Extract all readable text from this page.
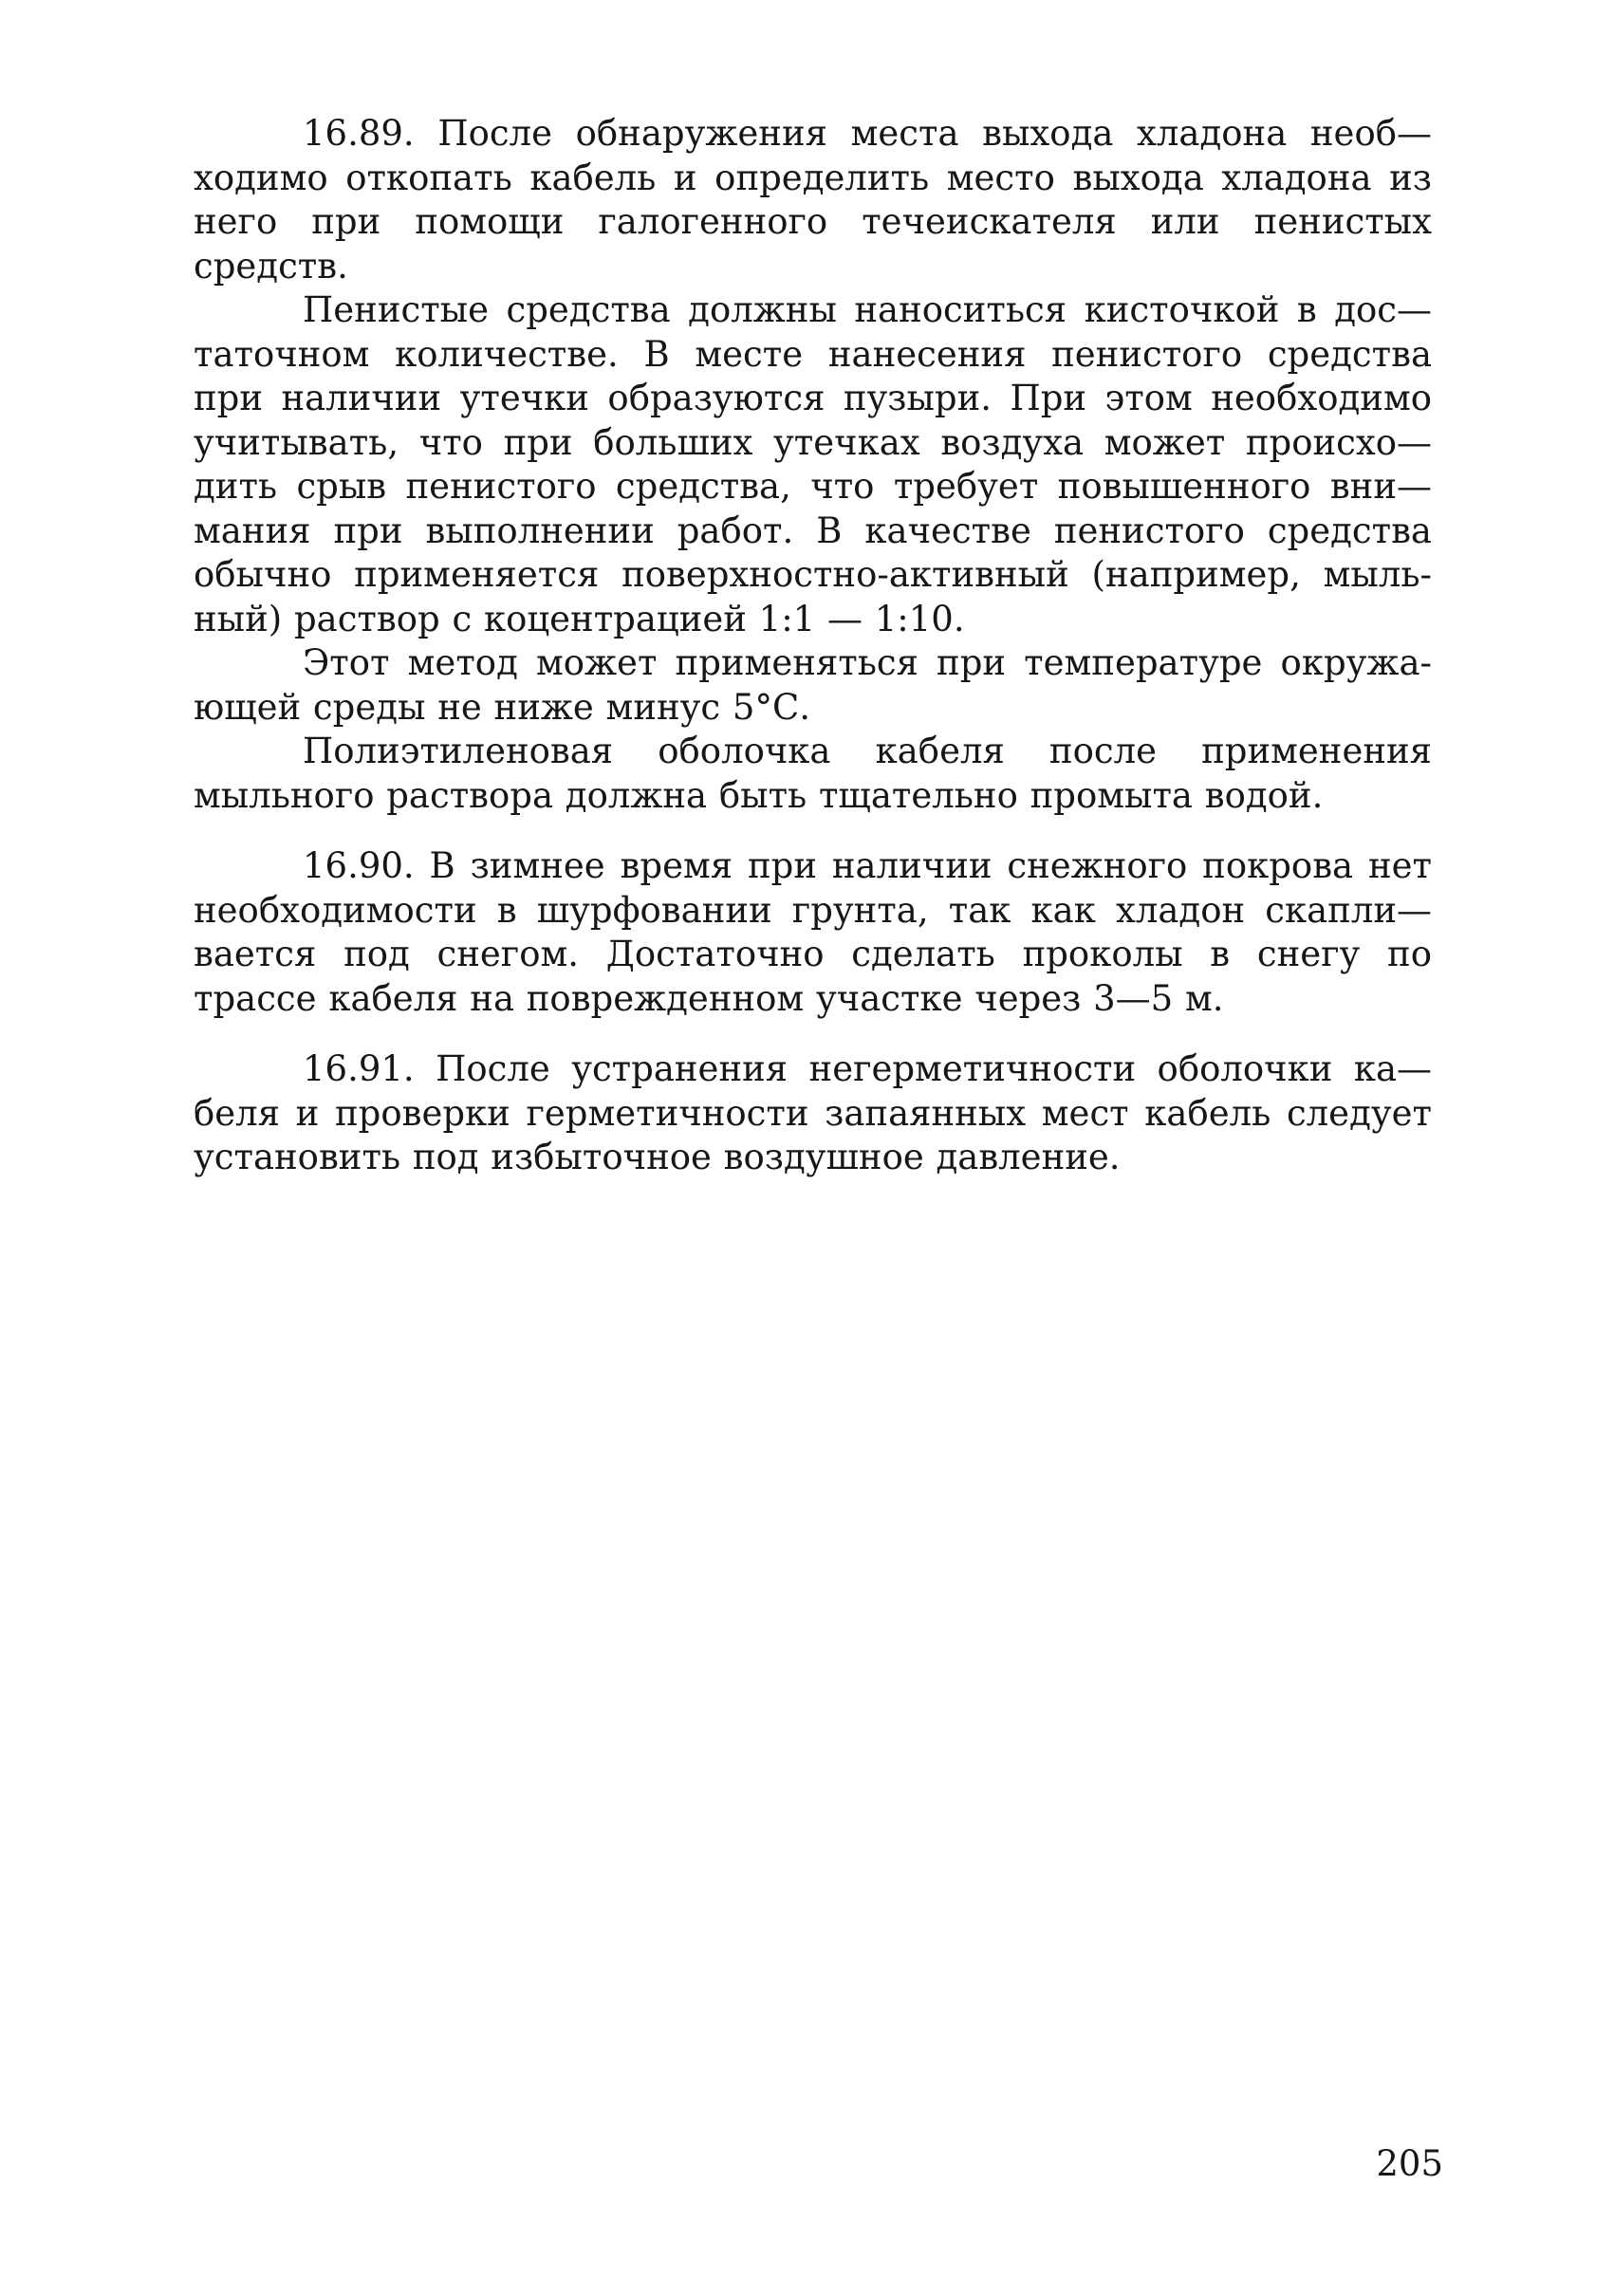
16.89. После обнаружения места выхода хладона необ—ходимо откопать кабель и определить место выхода хладона из него при помощи галогенного течеискателя или пенистых средств.

Пенистые средства должны наноситься кисточкой в дос—таточном количестве. В месте нанесения пенистого средства при наличии утечки образуются пузыри. При этом необходимо учитывать, что при больших утечках воздуха может происхо—дить срыв пенистого средства, что требует повышенного вни—мания при выполнении работ. В качестве пенистого средства обычно применяется поверхностно-активный (например, мыль-ный) раствор с коцентрацией 1:1 — 1:10.

Этот метод может применяться при температуре окружа-ющей среды не ниже минус 5°С.

Полиэтиленовая оболочка кабеля после применения мыльного раствора должна быть тщательно промыта водой.

16.90. В зимнее время при наличии снежного покрова нет необходимости в шурфовании грунта, так как хладон скапли—вается под снегом. Достаточно сделать проколы в снегу по трассе кабеля на поврежденном участке через 3—5 м.

16.91. После устранения негерметичности оболочки ка—беля и проверки герметичности запаянных мест кабель следует установить под избыточное воздушное давление.

205
